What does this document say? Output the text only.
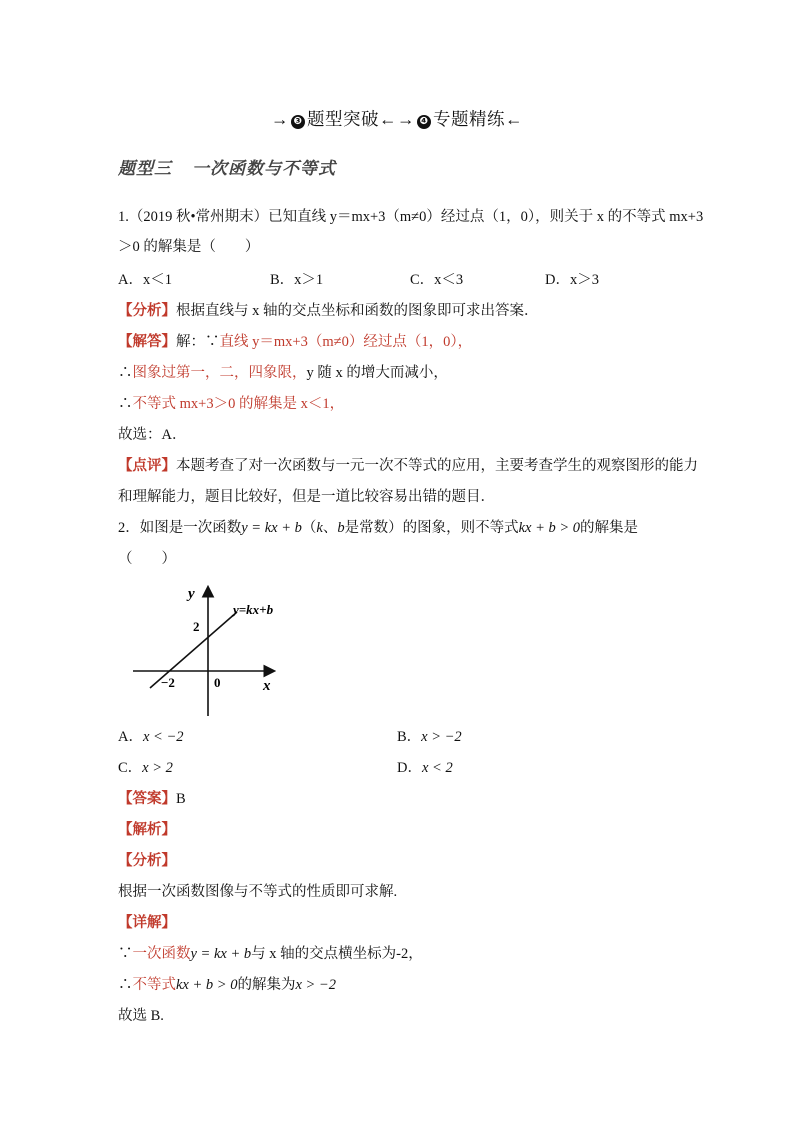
→ ❸ 题型突破←→ ❹ 专题精练←
题型三 一次函数与不等式
1.（2019 秋•常州期末）已知直线 y＝mx+3（m≠0）经过点（1，0），则关于 x 的不等式 mx+3
＞0 的解集是（　　）
A．x＜1	B．x＞1	C．x＜3	D．x＞3
【分析】根据直线与 x 轴的交点坐标和函数的图象即可求出答案．
【解答】解：∵直线 y＝mx+3（m≠0）经过点（1，0），
∴图象过第一，二，四象限，y 随 x 的增大而减小，
∴不等式 mx+3＞0 的解集是 x＜1，
故选：A．
【点评】本题考查了对一次函数与一元一次不等式的应用，主要考查学生的观察图形的能力
和理解能力，题目比较好，但是一道比较容易出错的题目．
2．如图是一次函数y = kx + b（k、b是常数）的图象，则不等式kx + b > 0的解集是
（　　）
y
x
y=kx+b
2
−2	0
A．x < −2	B．x > −2
C．x > 2	D．x < 2
【答案】B
【解析】
【分析】
根据一次函数图像与不等式的性质即可求解.
【详解】
∵一次函数y = kx + b与 x 轴的交点横坐标为-2，
∴不等式kx + b > 0的解集为x > −2
故选 B.
